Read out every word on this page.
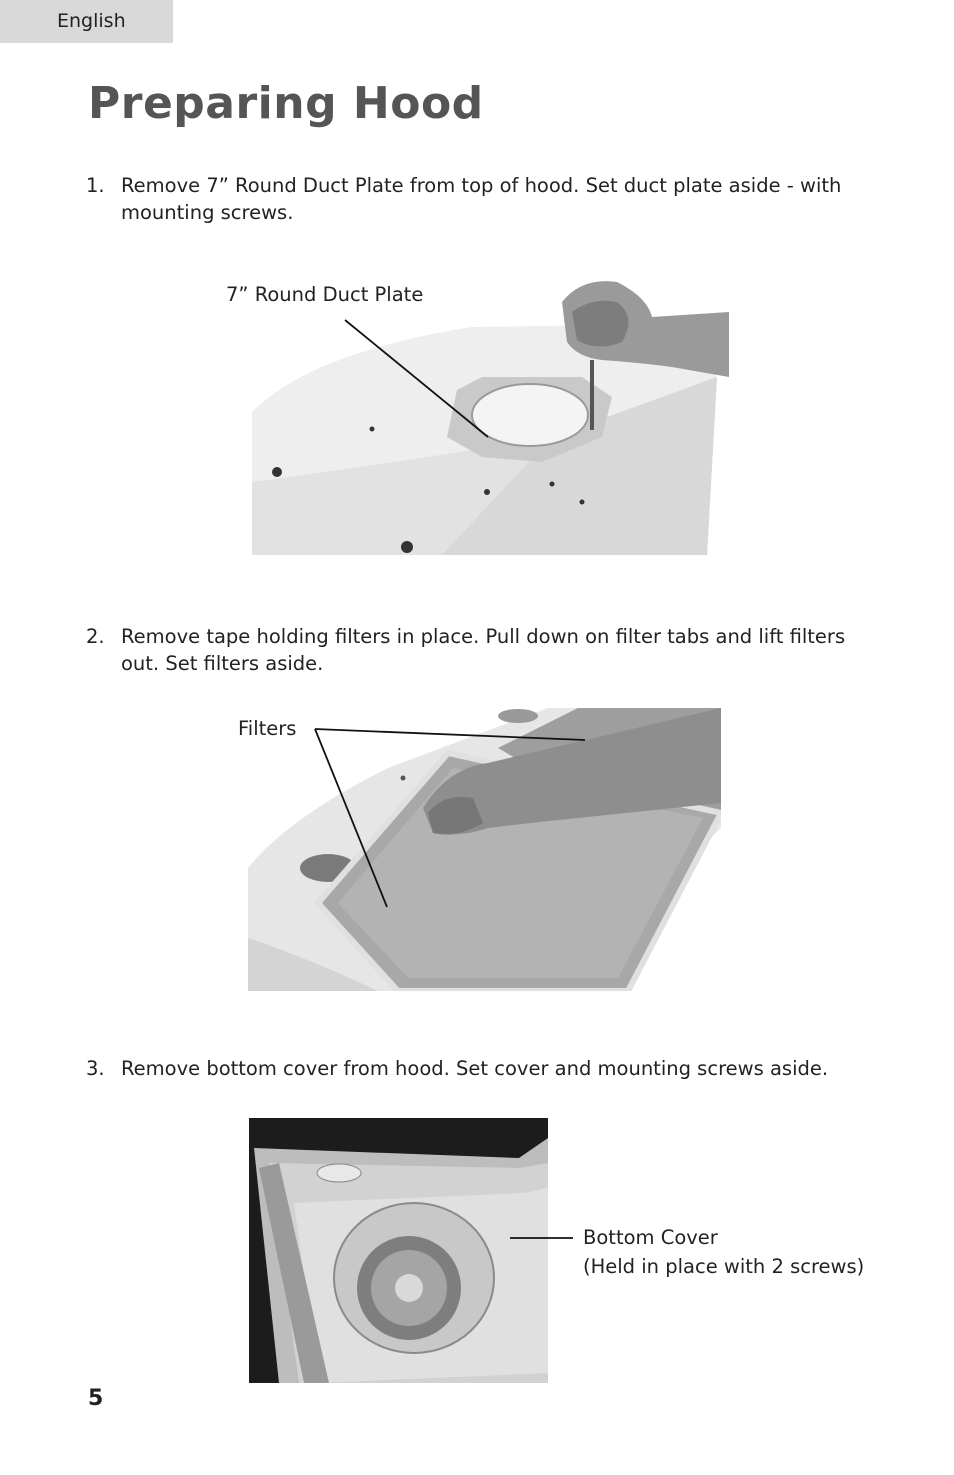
English
Preparing Hood
1. Remove 7” Round Duct Plate from top of hood. Set duct plate aside - with mounting screws.
7” Round Duct Plate
2. Remove tape holding filters in place. Pull down on filter tabs and lift filters out. Set filters aside.
Filters
3. Remove bottom cover from hood. Set cover and mounting screws aside.
Bottom Cover
(Held in place with 2 screws)
5
